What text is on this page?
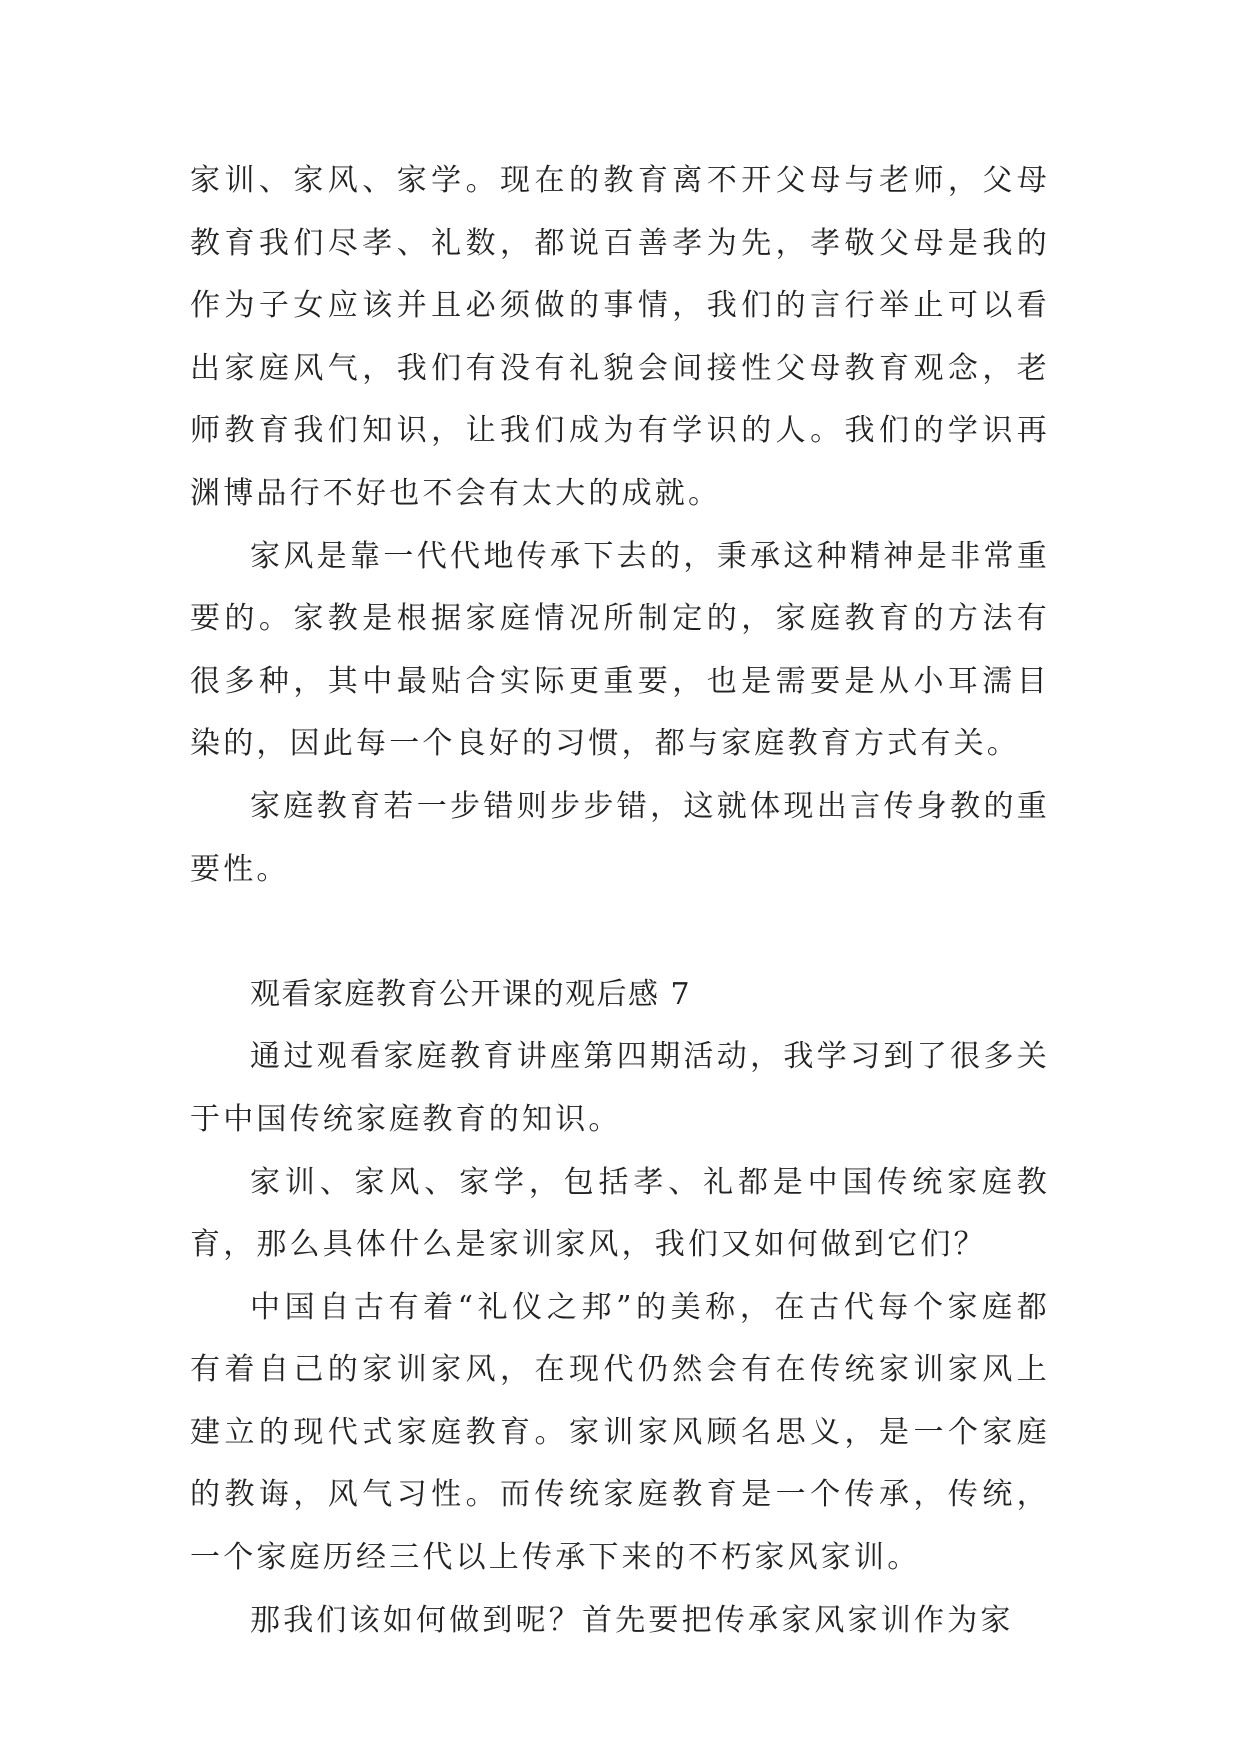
家训、家风、家学。现在的教育离不开父母与老师，父母教育我们尽孝、礼数，都说百善孝为先，孝敬父母是我的作为子女应该并且必须做的事情，我们的言行举止可以看出家庭风气，我们有没有礼貌会间接性父母教育观念，老师教育我们知识，让我们成为有学识的人。我们的学识再渊博品行不好也不会有太大的成就。

家风是靠一代代地传承下去的，秉承这种精神是非常重要的。家教是根据家庭情况所制定的，家庭教育的方法有很多种，其中最贴合实际更重要，也是需要是从小耳濡目染的，因此每一个良好的习惯，都与家庭教育方式有关。

家庭教育若一步错则步步错，这就体现出言传身教的重要性。

观看家庭教育公开课的观后感 7

通过观看家庭教育讲座第四期活动，我学习到了很多关于中国传统家庭教育的知识。

家训、家风、家学，包括孝、礼都是中国传统家庭教育，那么具体什么是家训家风，我们又如何做到它们？

中国自古有着“礼仪之邦”的美称，在古代每个家庭都有着自己的家训家风，在现代仍然会有在传统家训家风上建立的现代式家庭教育。家训家风顾名思义，是一个家庭的教诲，风气习性。而传统家庭教育是一个传承，传统，一个家庭历经三代以上传承下来的不朽家风家训。

那我们该如何做到呢？首先要把传承家风家训作为家
